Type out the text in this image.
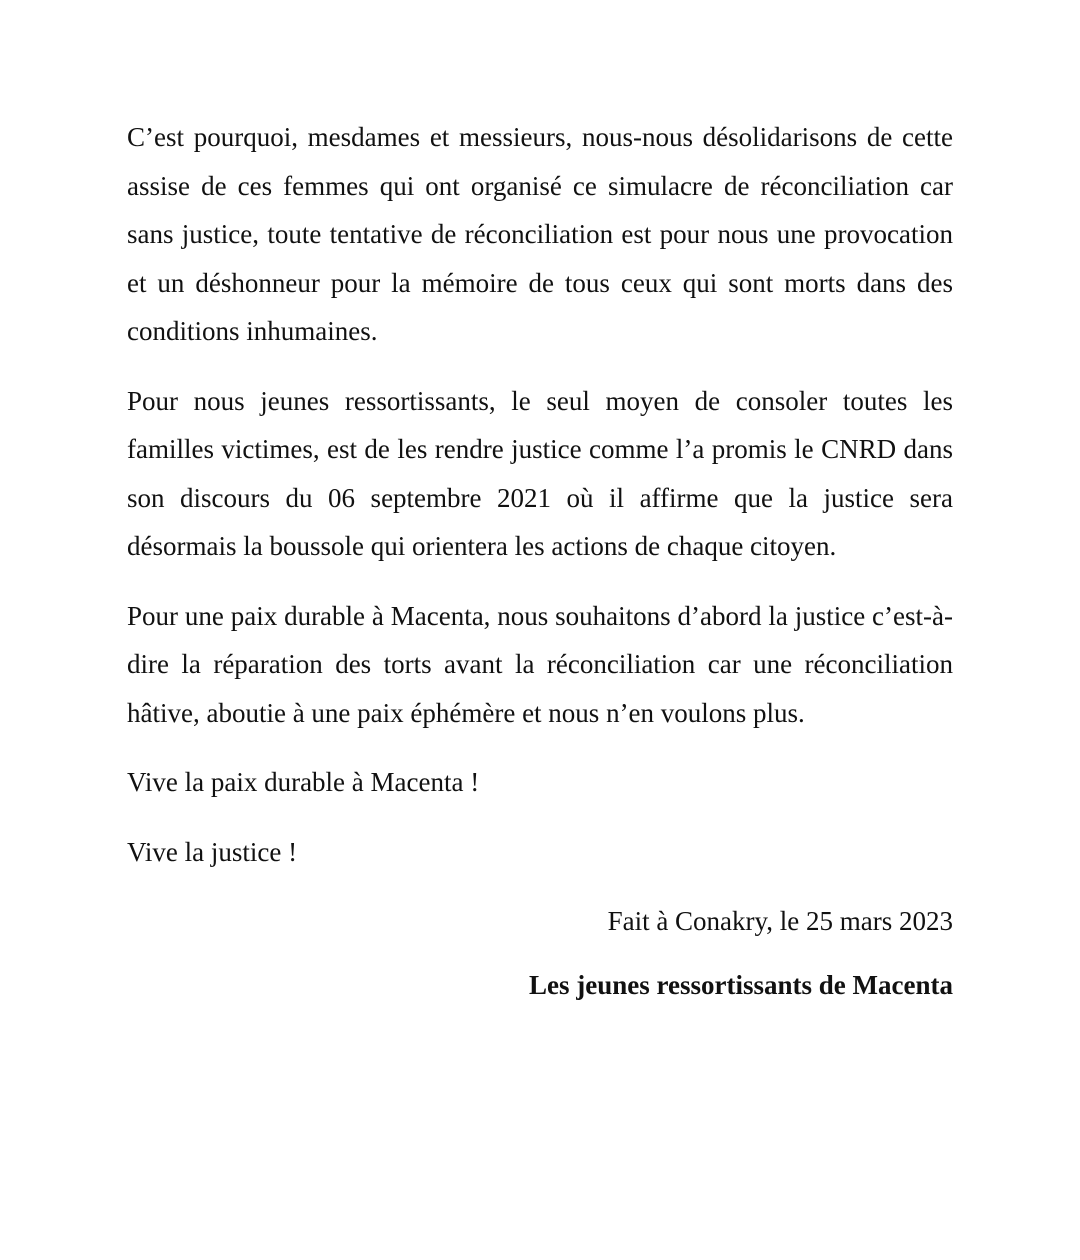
C’est pourquoi, mesdames et messieurs, nous-nous désolidarisons de cette assise de ces femmes qui ont organisé ce simulacre de réconciliation car sans justice, toute tentative de réconciliation est pour nous une provocation et un déshonneur pour la mémoire de tous ceux qui sont morts dans des conditions inhumaines.

Pour nous jeunes ressortissants, le seul moyen de consoler toutes les familles victimes, est de les rendre justice comme l’a promis le CNRD dans son discours du 06 septembre 2021 où il affirme que la justice sera désormais la boussole qui orientera les actions de chaque citoyen.

Pour une paix durable à Macenta, nous souhaitons d’abord la justice c’est-à-dire la réparation des torts avant la réconciliation car une réconciliation hâtive, aboutie à une paix éphémère et nous n’en voulons plus.

Vive la paix durable à Macenta !

Vive la justice !

Fait à Conakry, le 25 mars 2023

Les jeunes ressortissants de Macenta
